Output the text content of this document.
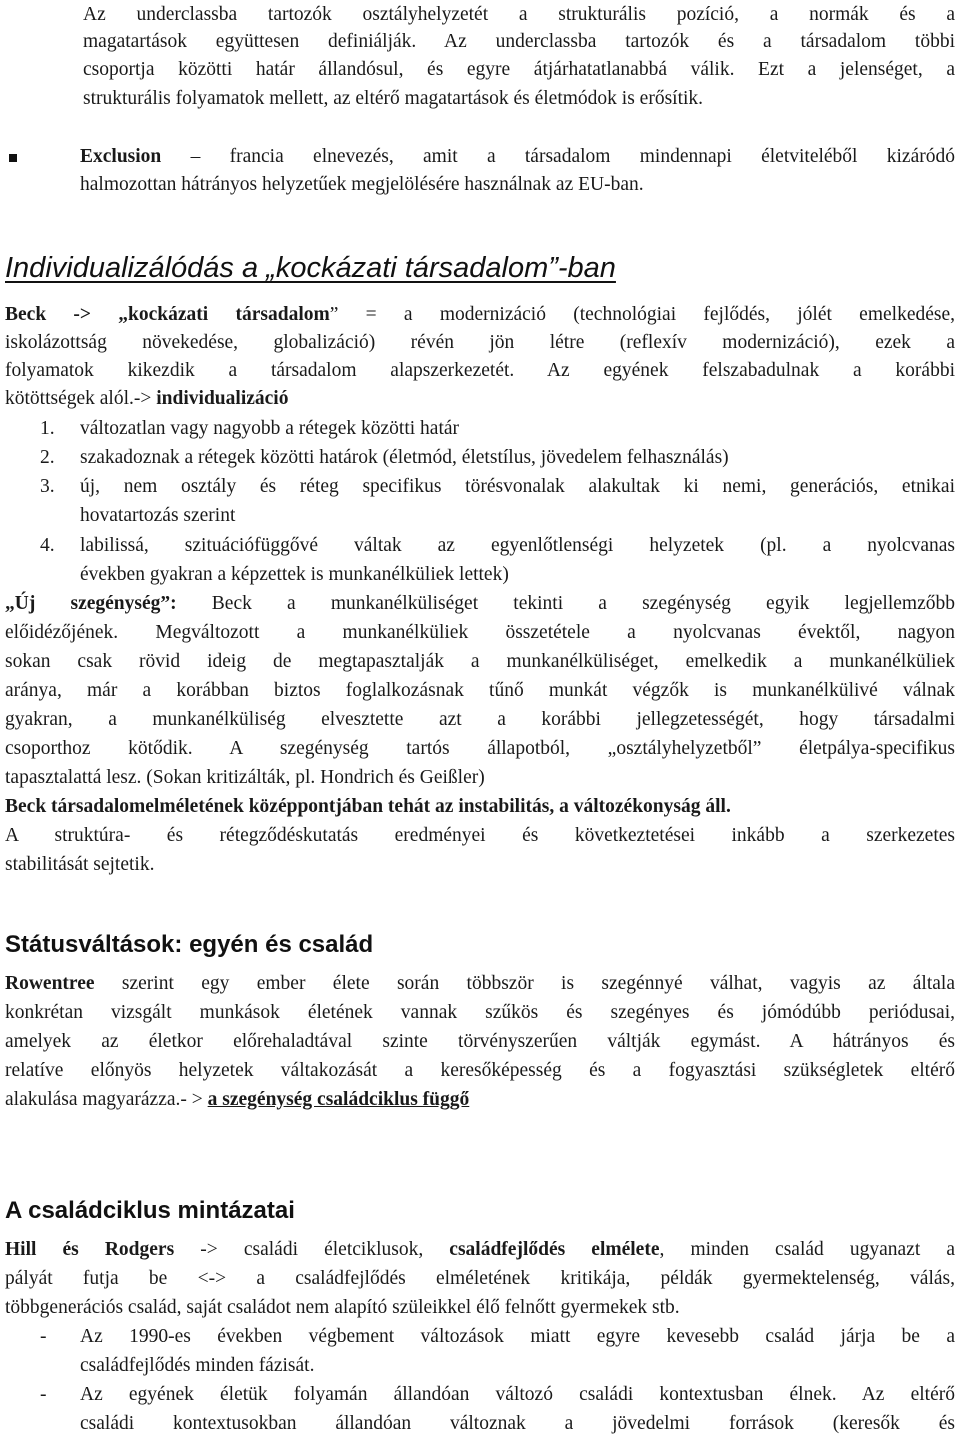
Az underclassba tartozók osztályhelyzetét a strukturális pozíció, a normák és a
magatartások együttesen definiálják. Az underclassba tartozók és a társadalom többi
csoportja közötti határ állandósul, és egyre átjárhatatlanabbá válik. Ezt a jelenséget, a
strukturális folyamatok mellett, az eltérő magatartások és életmódok is erősítik.
Exclusion – francia elnevezés, amit a társadalom mindennapi életviteléből kizáródó
halmozottan hátrányos helyzetűek megjelölésére használnak az EU-ban.
Individualizálódás a „kockázati társadalom”-ban
Beck -> „kockázati társadalom” = a modernizáció (technológiai fejlődés, jólét emelkedése,
iskolázottság növekedése, globalizáció) révén jön létre (reflexív modernizáció), ezek a
folyamatok kikezdik a társadalom alapszerkezetét. Az egyének felszabadulnak a korábbi
kötöttségek alól.-> individualizáció
1.	változatlan vagy nagyobb a rétegek közötti határ
2.	szakadoznak a rétegek közötti határok (életmód, életstílus, jövedelem felhasználás)
3.	új, nem osztály és réteg specifikus törésvonalak alakultak ki nemi, generációs, etnikai
hovatartozás szerint
4.	labilissá, szituációfüggővé váltak az egyenlőtlenségi helyzetek (pl. a nyolcvanas
években gyakran a képzettek is munkanélküliek lettek)
„Új szegénység”: Beck a munkanélküliséget tekinti a szegénység egyik legjellemzőbb
előidézőjének. Megváltozott a munkanélküliek összetétele a nyolcvanas évektől, nagyon
sokan csak rövid ideig de megtapasztalják a munkanélküliséget, emelkedik a munkanélküliek
aránya, már a korábban biztos foglalkozásnak tűnő munkát végzők is munkanélkülivé válnak
gyakran, a munkanélküliség elvesztette azt a korábbi jellegzetességét, hogy társadalmi
csoporthoz kötődik. A szegénység tartós állapotból, „osztályhelyzetből” életpálya-specifikus
tapasztalattá lesz. (Sokan kritizálták, pl. Hondrich és Geißler)
Beck társadalomelméletének középpontjában tehát az instabilitás, a változékonyság áll.
A struktúra- és rétegződéskutatás eredményei és következtetései inkább a szerkezetes
stabilitását sejtetik.
Státusváltások: egyén és család
Rowentree szerint egy ember élete során többször is szegénnyé válhat, vagyis az általa
konkrétan vizsgált munkások életének vannak szűkös és szegényes és jómódúbb periódusai,
amelyek az életkor előrehaladtával szinte törvényszerűen váltják egymást. A hátrányos és
relatíve előnyös helyzetek váltakozását a keresőképesség és a fogyasztási szükségletek eltérő
alakulása magyarázza.- > a szegénység családciklus függő
A családciklus mintázatai
Hill és Rodgers -> családi életciklusok, családfejlődés elmélete, minden család ugyanazt a
pályát futja be <-> a családfejlődés elméletének kritikája, példák gyermektelenség, válás,
többgenerációs család, saját családot nem alapító szüleikkel élő felnőtt gyermekek stb.
-	Az 1990-es években végbement változások miatt egyre kevesebb család járja be a
családfejlődés minden fázisát.
-	Az egyének életük folyamán állandóan változó családi kontextusban élnek. Az eltérő
családi kontextusokban állandóan változnak a jövedelmi források (keresők és
